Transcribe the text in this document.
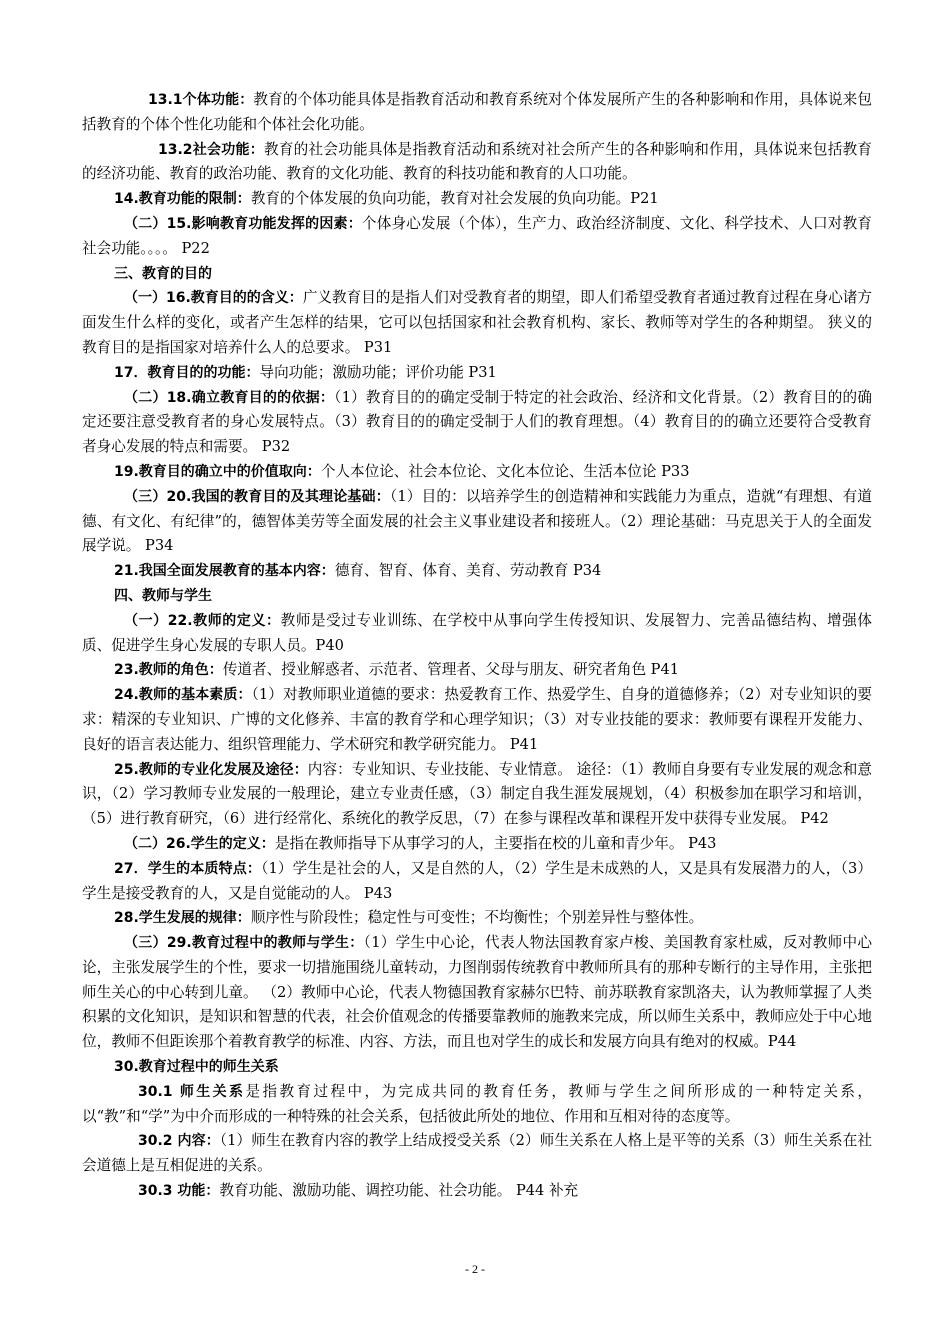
13.1个体功能：教育的个体功能具体是指教育活动和教育系统对个体发展所产生的各种影响和作用，具体说来包括教育的个体个性化功能和个体社会化功能。

13.2社会功能：教育的社会功能具体是指教育活动和系统对社会所产生的各种影响和作用，具体说来包括教育的经济功能、教育的政治功能、教育的文化功能、教育的科技功能和教育的人口功能。

14.教育功能的限制：教育的个体发展的负向功能，教育对社会发展的负向功能。P21

（二）15.影响教育功能发挥的因素：个体身心发展（个体），生产力、政治经济制度、文化、科学技术、人口对教育社会功能。。。。 P22

三、教育的目的

（一）16.教育目的的含义：广义教育目的是指人们对受教育者的期望，即人们希望受教育者通过教育过程在身心诸方面发生什么样的变化，或者产生怎样的结果，它可以包括国家和社会教育机构、家长、教师等对学生的各种期望。 狭义的教育目的是指国家对培养什么人的总要求。 P31

17．教育目的的功能：导向功能；激励功能；评价功能 P31

（二）18.确立教育目的的依据：（1）教育目的的确定受制于特定的社会政治、经济和文化背景。（2）教育目的的确定还要注意受教育者的身心发展特点。（3）教育目的的确定受制于人们的教育理想。（4）教育目的的确立还要符合受教育者身心发展的特点和需要。 P32

19.教育目的确立中的价值取向：个人本位论、社会本位论、文化本位论、生活本位论 P33

（三）20.我国的教育目的及其理论基础：（1）目的：以培养学生的创造精神和实践能力为重点，造就“有理想、有道德、有文化、有纪律”的，德智体美劳等全面发展的社会主义事业建设者和接班人。（2）理论基础：马克思关于人的全面发展学说。 P34

21.我国全面发展教育的基本内容：德育、智育、体育、美育、劳动教育 P34

四、教师与学生

（一）22.教师的定义：教师是受过专业训练、在学校中从事向学生传授知识、发展智力、完善品德结构、增强体质、促进学生身心发展的专职人员。P40

23.教师的角色：传道者、授业解惑者、示范者、管理者、父母与朋友、研究者角色 P41

24.教师的基本素质：（1）对教师职业道德的要求：热爱教育工作、热爱学生、自身的道德修养；（2）对专业知识的要求：精深的专业知识、广博的文化修养、丰富的教育学和心理学知识；（3）对专业技能的要求：教师要有课程开发能力、良好的语言表达能力、组织管理能力、学术研究和教学研究能力。 P41

25.教师的专业化发展及途径：内容：专业知识、专业技能、专业情意。 途径：（1）教师自身要有专业发展的观念和意识，（2）学习教师专业发展的一般理论，建立专业责任感，（3）制定自我生涯发展规划，（4）积极参加在职学习和培训，（5）进行教育研究，（6）进行经常化、系统化的教学反思，（7）在参与课程改革和课程开发中获得专业发展。 P42

（二）26.学生的定义：是指在教师指导下从事学习的人，主要指在校的儿童和青少年。 P43

27．学生的本质特点：（1）学生是社会的人，又是自然的人，（2）学生是未成熟的人，又是具有发展潜力的人，（3）学生是接受教育的人，又是自觉能动的人。 P43

28.学生发展的规律：顺序性与阶段性；稳定性与可变性；不均衡性；个别差异性与整体性。

（三）29.教育过程中的教师与学生：（1）学生中心论，代表人物法国教育家卢梭、美国教育家杜威，反对教师中心论，主张发展学生的个性，要求一切措施围绕儿童转动，力图削弱传统教育中教师所具有的那种专断行的主导作用，主张把师生关心的中心转到儿童。 （2）教师中心论，代表人物德国教育家赫尔巴特、前苏联教育家凯洛夫，认为教师掌握了人类积累的文化知识，是知识和智慧的代表，社会价值观念的传播要靠教师的施教来完成，所以师生关系中，教师应处于中心地位，教师不但距诶那个着教育教学的标准、内容、方法，而且也对学生的成长和发展方向具有绝对的权威。P44

30.教育过程中的师生关系

30.1 师生关系是指教育过程中，为完成共同的教育任务，教师与学生之间所形成的一种特定关系，以“教”和“学”为中介而形成的一种特殊的社会关系，包括彼此所处的地位、作用和互相对待的态度等。

30.2 内容：（1）师生在教育内容的教学上结成授受关系（2）师生关系在人格上是平等的关系（3）师生关系在社会道德上是互相促进的关系。

30.3 功能：教育功能、激励功能、调控功能、社会功能。 P44 补充

- 2 -
